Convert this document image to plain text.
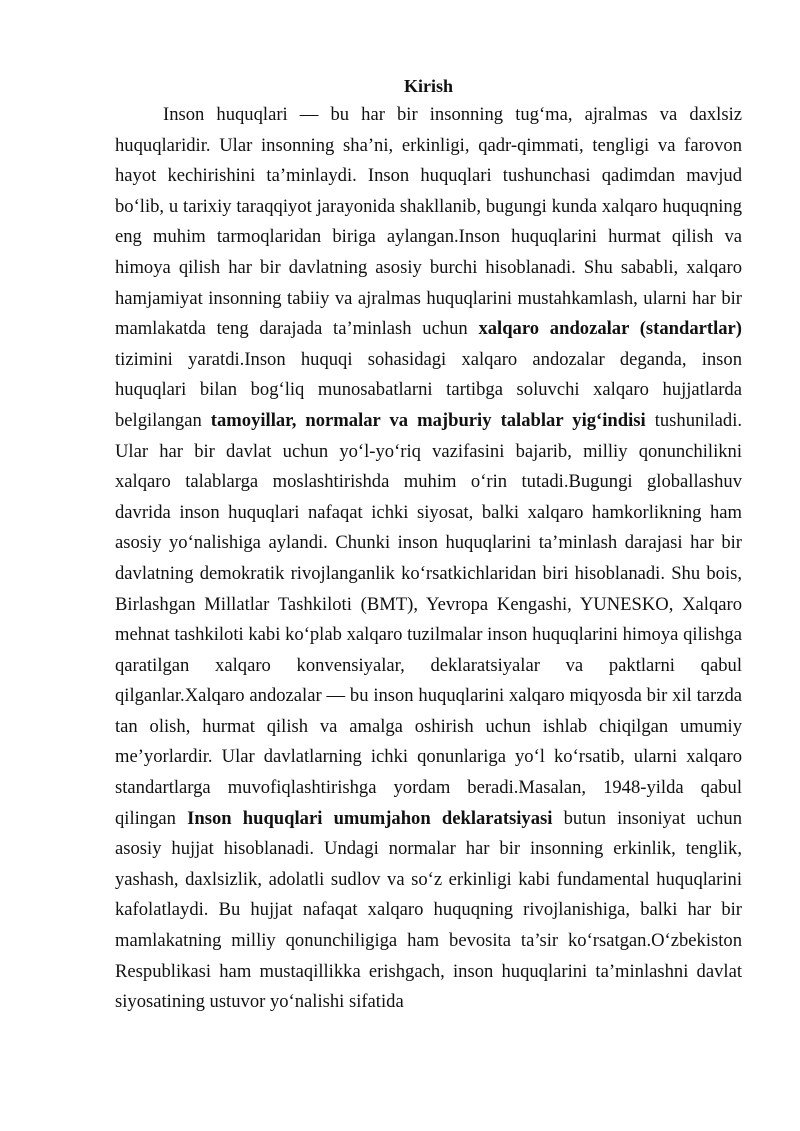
Kirish

Inson huquqlari — bu har bir insonning tug‘ma, ajralmas va daxlsiz huquqlaridir. Ular insonning sha’ni, erkinligi, qadr-qimmati, tengligi va farovon hayot kechirishini ta’minlaydi. Inson huquqlari tushunchasi qadimdan mavjud bo‘lib, u tarixiy taraqqiyot jarayonida shakllanib, bugungi kunda xalqaro huquqning eng muhim tarmoqlaridan biriga aylangan.Inson huquqlarini hurmat qilish va himoya qilish har bir davlatning asosiy burchi hisoblanadi. Shu sababli, xalqaro hamjamiyat insonning tabiiy va ajralmas huquqlarini mustahkamlash, ularni har bir mamlakatda teng darajada ta’minlash uchun xalqaro andozalar (standartlar) tizimini yaratdi.Inson huquqi sohasidagi xalqaro andozalar deganda, inson huquqlari bilan bog‘liq munosabatlarni tartibga soluvchi xalqaro hujjatlarda belgilangan tamoyillar, normalar va majburiy talablar yig‘indisi tushuniladi. Ular har bir davlat uchun yo‘l-yo‘riq vazifasini bajarib, milliy qonunchilikni xalqaro talablarga moslashtirishda muhim o‘rin tutadi.Bugungi globallashuv davrida inson huquqlari nafaqat ichki siyosat, balki xalqaro hamkorlikning ham asosiy yo‘nalishiga aylandi. Chunki inson huquqlarini ta’minlash darajasi har bir davlatning demokratik rivojlanganlik ko‘rsatkichlaridan biri hisoblanadi. Shu bois, Birlashgan Millatlar Tashkiloti (BMT), Yevropa Kengashi, YUNESKO, Xalqaro mehnat tashkiloti kabi ko‘plab xalqaro tuzilmalar inson huquqlarini himoya qilishga qaratilgan xalqaro konvensiyalar, deklaratsiyalar va paktlarni qabul qilganlar.Xalqaro andozalar — bu inson huquqlarini xalqaro miqyosda bir xil tarzda tan olish, hurmat qilish va amalga oshirish uchun ishlab chiqilgan umumiy me’yorlardir. Ular davlatlarning ichki qonunlariga yo‘l ko‘rsatib, ularni xalqaro standartlarga muvofiqlashtirishga yordam beradi.Masalan, 1948-yilda qabul qilingan Inson huquqlari umumjahon deklaratsiyasi butun insoniyat uchun asosiy hujjat hisoblanadi. Undagi normalar har bir insonning erkinlik, tenglik, yashash, daxlsizlik, adolatli sudlov va so‘z erkinligi kabi fundamental huquqlarini kafolatlaydi. Bu hujjat nafaqat xalqaro huquqning rivojlanishiga, balki har bir mamlakatning milliy qonunchiligiga ham bevosita ta’sir ko‘rsatgan.O‘zbekiston Respublikasi ham mustaqillikka erishgach, inson huquqlarini ta’minlashni davlat siyosatining ustuvor yo‘nalishi sifatida
